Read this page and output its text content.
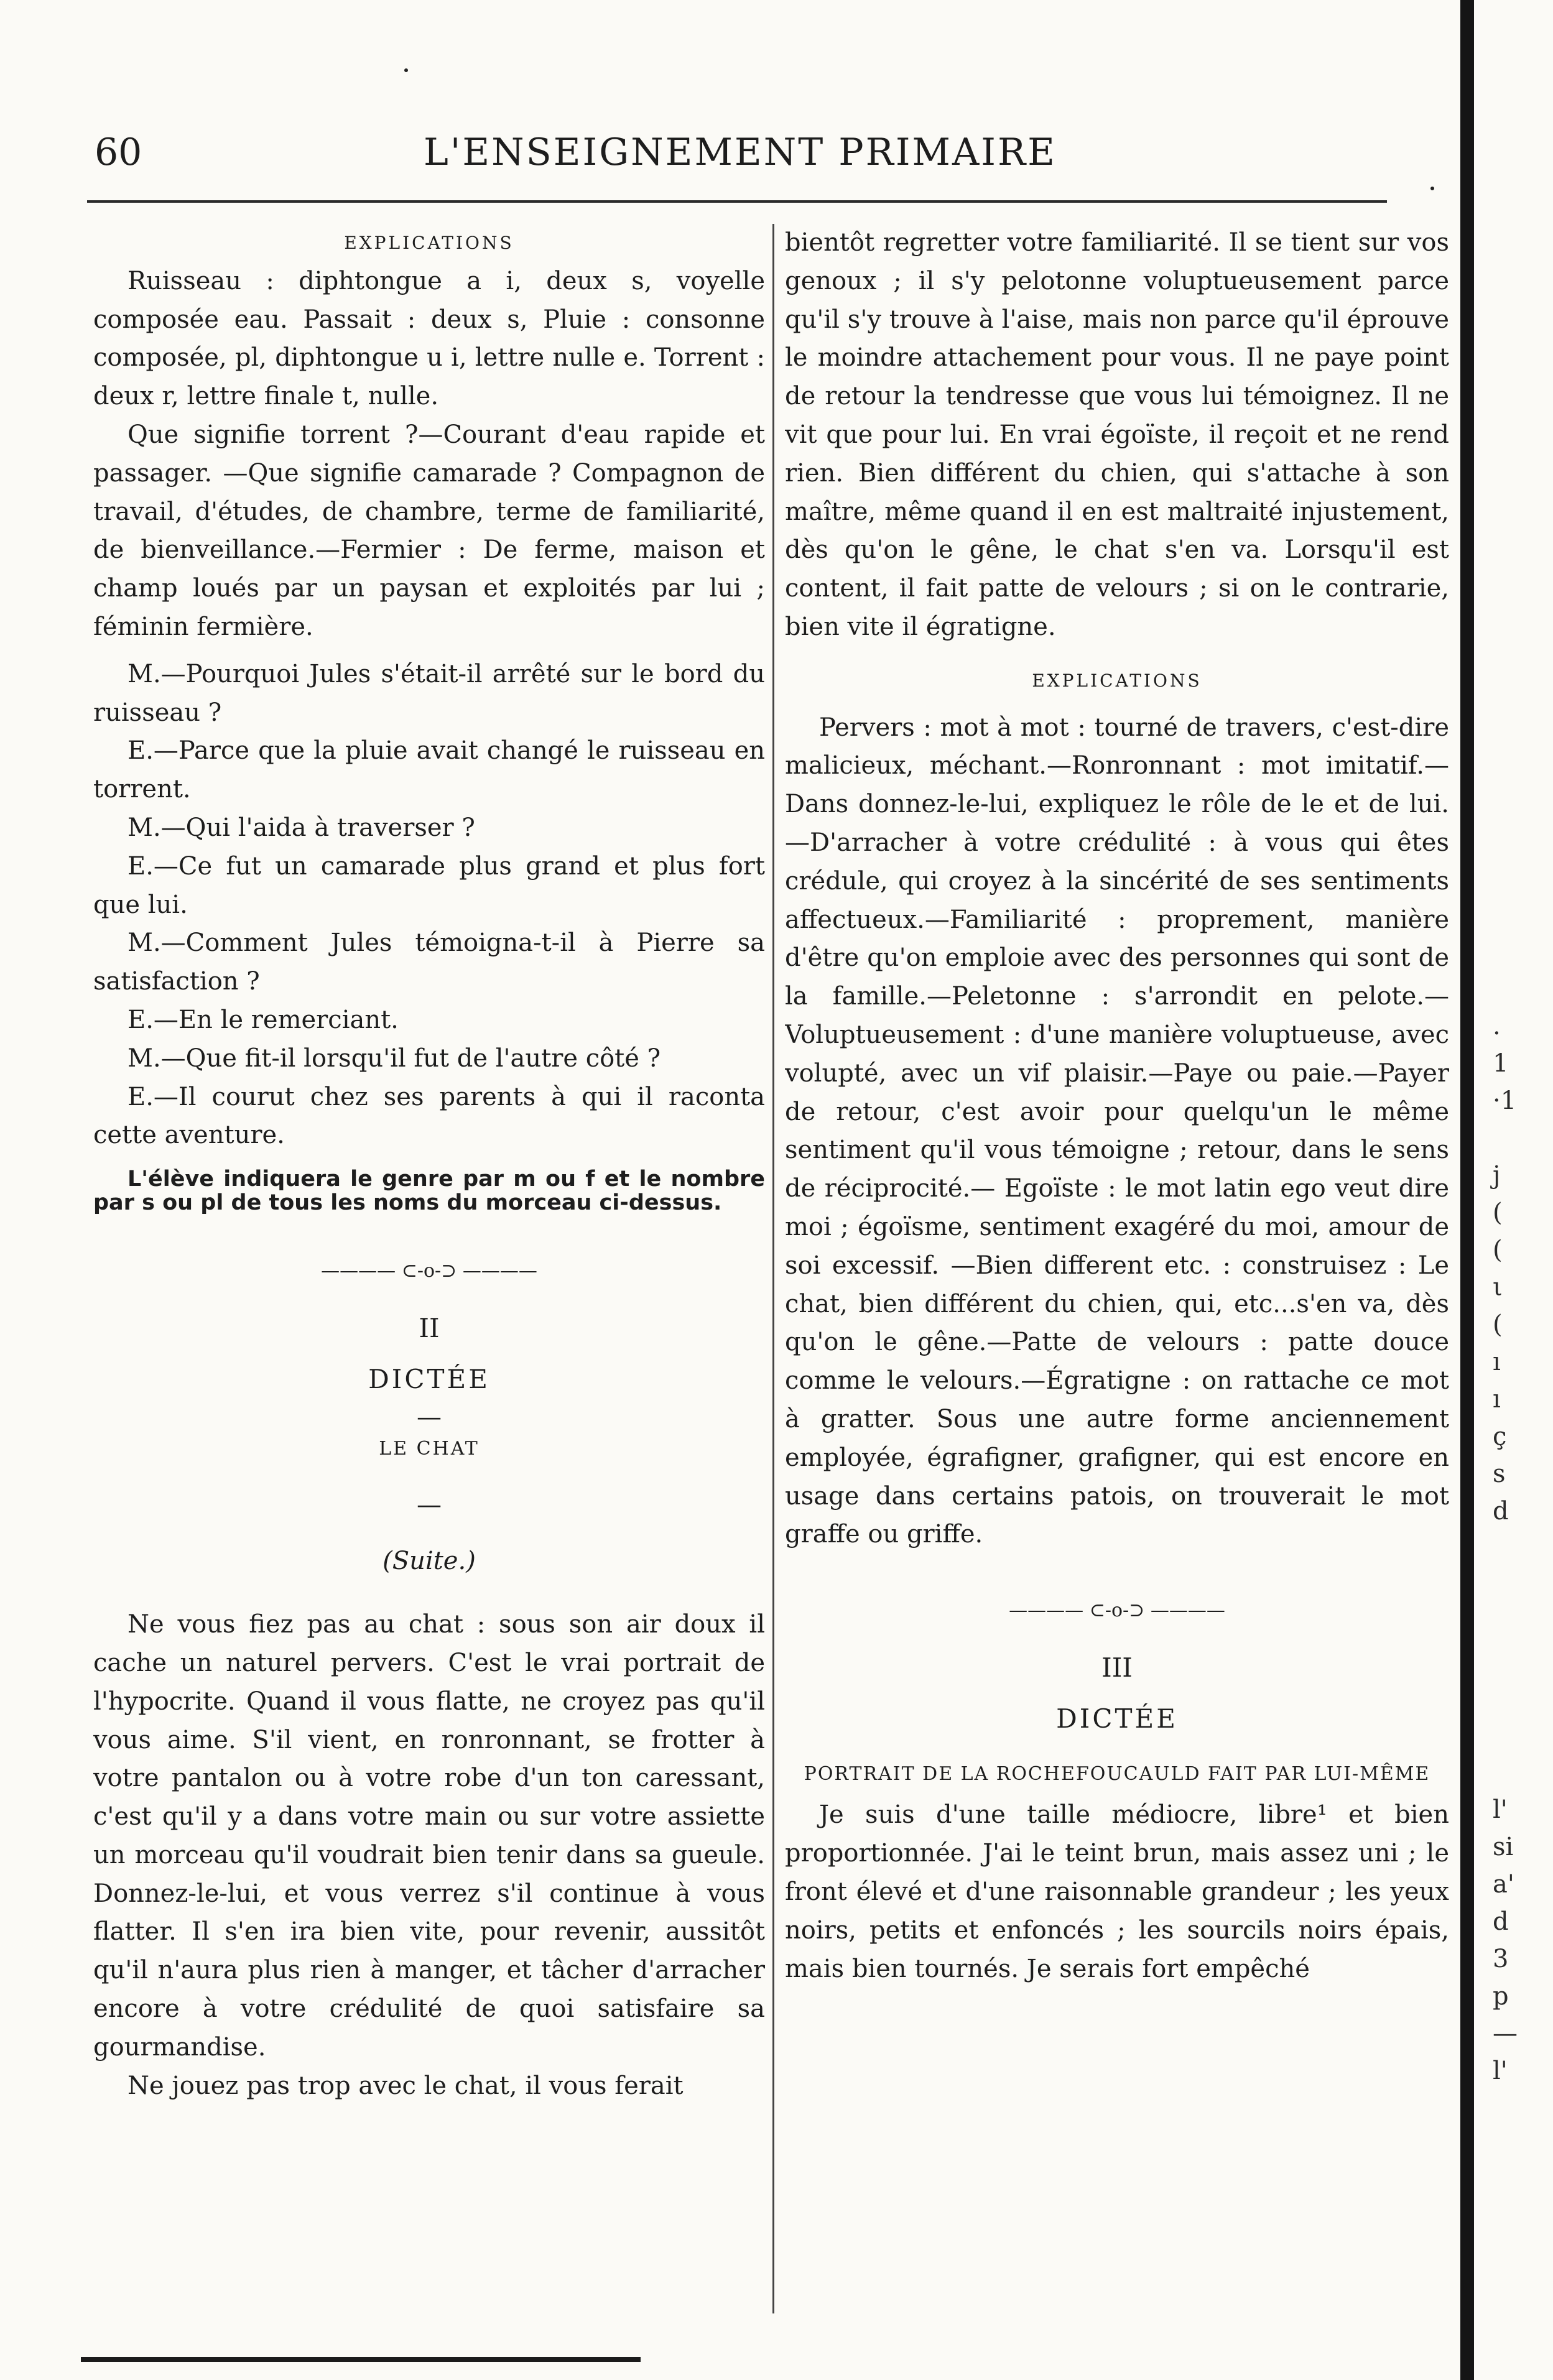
60	L'ENSEIGNEMENT PRIMAIRE

EXPLICATIONS

Ruisseau : diphtongue a i, deux s, voyelle composée eau. Passait : deux s, Pluie : consonne composée, pl, diphtongue u i, lettre nulle e. Torrent : deux r, lettre finale t, nulle.

Que signifie torrent ?—Courant d'eau rapide et passager. —Que signifie camarade ? Compagnon de travail, d'études, de chambre, terme de familiarité, de bienveillance.—Fermier : De ferme, maison et champ loués par un paysan et exploités par lui ; féminin fermière.

M.—Pourquoi Jules s'était-il arrêté sur le bord du ruisseau ?

E.—Parce que la pluie avait changé le ruisseau en torrent.

M.—Qui l'aida à traverser ?

E.—Ce fut un camarade plus grand et plus fort que lui.

M.—Comment Jules témoigna-t-il à Pierre sa satisfaction ?

E.—En le remerciant.

M.—Que fit-il lorsqu'il fut de l'autre côté ?

E.—Il courut chez ses parents à qui il raconta cette aventure.

L'élève indiquera le genre par m ou f et le nombre par s ou pl de tous les noms du morceau ci-dessus.

———— ⊂-o-⊃ ————

II

DICTÉE

—

LE CHAT

—

(Suite.)

Ne vous fiez pas au chat : sous son air doux il cache un naturel pervers. C'est le vrai portrait de l'hypocrite. Quand il vous flatte, ne croyez pas qu'il vous aime. S'il vient, en ronronnant, se frotter à votre pantalon ou à votre robe d'un ton caressant, c'est qu'il y a dans votre main ou sur votre assiette un morceau qu'il voudrait bien tenir dans sa gueule. Donnez-le-lui, et vous verrez s'il continue à vous flatter. Il s'en ira bien vite, pour revenir, aussitôt qu'il n'aura plus rien à manger, et tâcher d'arracher encore à votre crédulité de quoi satisfaire sa gourmandise.

Ne jouez pas trop avec le chat, il vous ferait

bientôt regretter votre familiarité. Il se tient sur vos genoux ; il s'y pelotonne voluptueusement parce qu'il s'y trouve à l'aise, mais non parce qu'il éprouve le moindre attachement pour vous. Il ne paye point de retour la tendresse que vous lui témoignez. Il ne vit que pour lui. En vrai égoïste, il reçoit et ne rend rien. Bien différent du chien, qui s'attache à son maître, même quand il en est maltraité injustement, dès qu'on le gêne, le chat s'en va. Lorsqu'il est content, il fait patte de velours ; si on le contrarie, bien vite il égratigne.

EXPLICATIONS

Pervers : mot à mot : tourné de travers, c'est-dire malicieux, méchant.—Ronronnant : mot imitatif.—Dans donnez-le-lui, expliquez le rôle de le et de lui.—D'arracher à votre crédulité : à vous qui êtes crédule, qui croyez à la sincérité de ses sentiments affectueux.—Familiarité : proprement, manière d'être qu'on emploie avec des personnes qui sont de la famille.—Peletonne : s'arrondit en pelote.— Voluptueusement : d'une manière voluptueuse, avec volupté, avec un vif plaisir.—Paye ou paie.—Payer de retour, c'est avoir pour quelqu'un le même sentiment qu'il vous témoigne ; retour, dans le sens de réciprocité.— Egoïste : le mot latin ego veut dire moi ; égoïsme, sentiment exagéré du moi, amour de soi excessif. —Bien different etc. : construisez : Le chat, bien différent du chien, qui, etc...s'en va, dès qu'on le gêne.—Patte de velours : patte douce comme le velours.—Égratigne : on rattache ce mot à gratter. Sous une autre forme anciennement employée, égrafigner, grafigner, qui est encore en usage dans certains patois, on trouverait le mot graffe ou griffe.

———— ⊂-o-⊃ ————

III

DICTÉE

PORTRAIT DE LA ROCHEFOUCAULD FAIT PAR LUI-MÊME

Je suis d'une taille médiocre, libre¹ et bien proportionnée. J'ai le teint brun, mais assez uni ; le front élevé et d'une raisonnable grandeur ; les yeux noirs, petits et enfoncés ; les sourcils noirs épais, mais bien tournés. Je serais fort empêché

.
1
·1
j
(
(
ι
(
ı
ı
ç
s
d
l'
si
a'
d
3
p
—
l'
